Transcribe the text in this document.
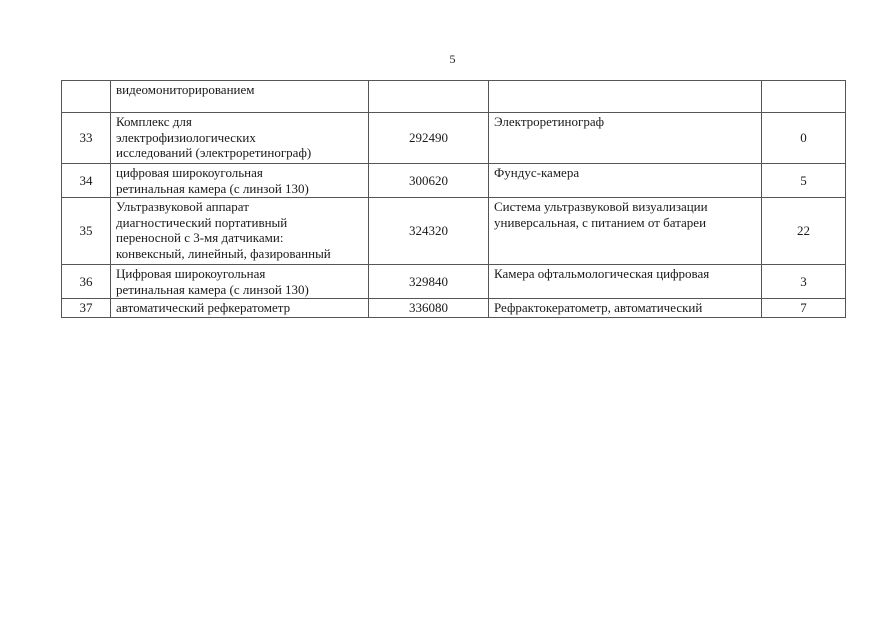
5

	видеомониторированием			

33	Комплекс для
электрофизиологических
исследований (электроретинограф)	292490	Электроретинограф	0
34	цифровая широкоугольная
ретинальная камера (с линзой 130)	300620	Фундус-камера	5
35	Ультразвуковой аппарат
диагностический портативный
переносной с 3-мя датчиками:
конвексный, линейный, фазированный	324320	Система ультразвуковой визуализации
универсальная, с питанием от батареи	22
36	Цифровая широкоугольная
ретинальная камера (с линзой 130)	329840	Камера офтальмологическая цифровая	3
37	автоматический рефкератометр	336080	Рефрактокератометр, автоматический	7
